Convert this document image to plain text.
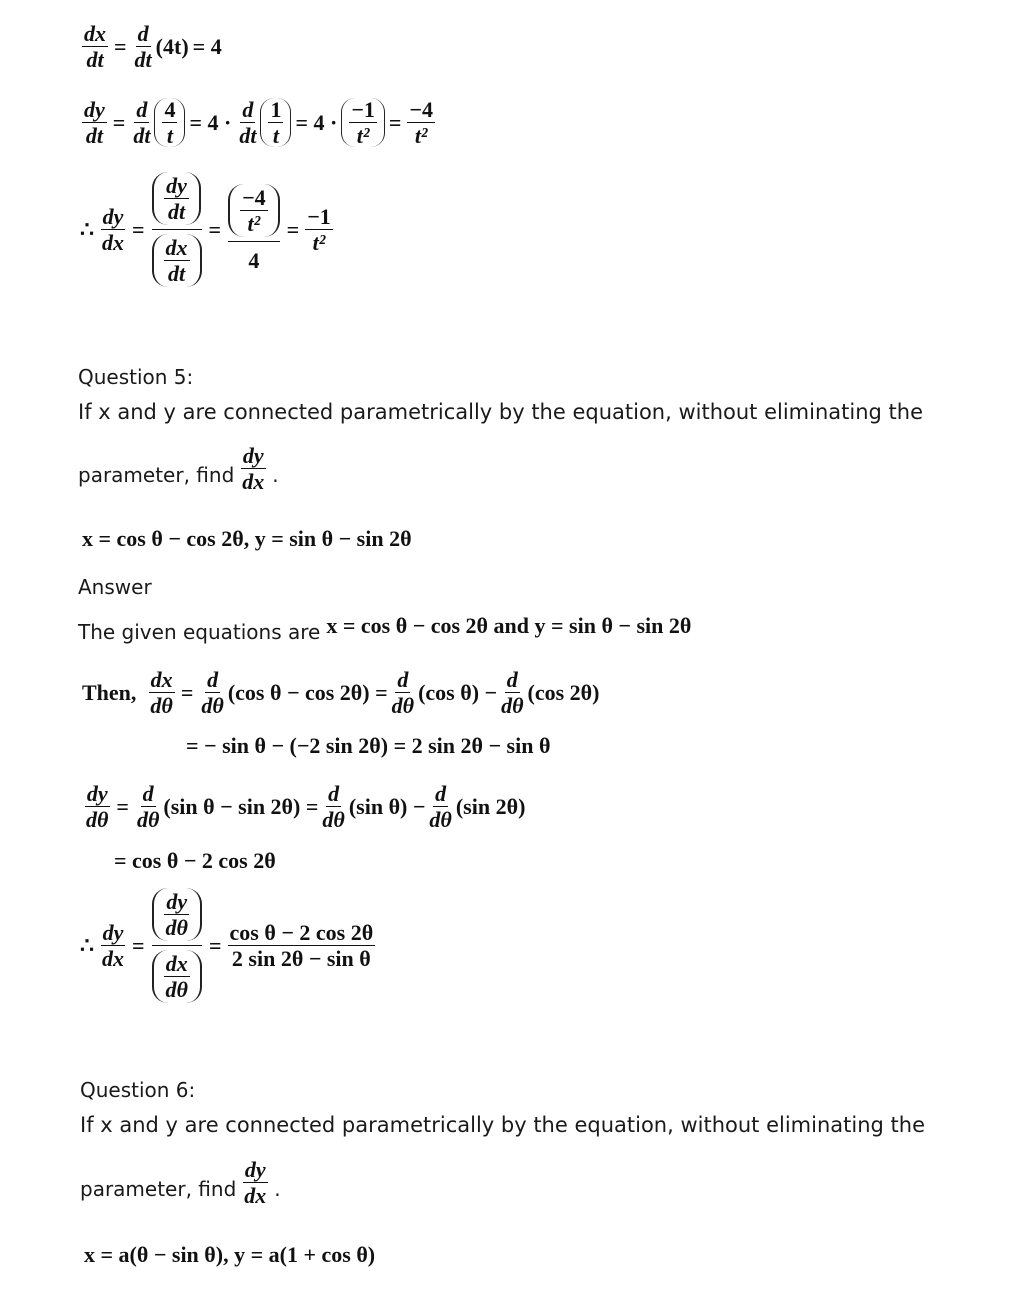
$\frac{dx}{dt} = \frac{d}{dt} (4t) = 4$
$\frac{dy}{dt} = \frac{d}{dt} \frac{4}{t} = 4 \cdot \frac{d}{dt} \frac{1}{t} = 4 \cdot \frac{-1}{\text{t²}} = \frac{-4}{\text{t²}}$
∴ $\frac{dy}{dx}$ =
$\frac{dy}{dt}$
$\frac{dx}{dt}$
= $\frac{-4}{\text{t²}}$
4
= $\frac{-1}{\text{t²}}$
Question 5:
If x and y are connected parametrically by the equation, without eliminating the
parameter, find $\frac{dy}{dx}$ .
x = cos θ − cos 2θ, y = sin θ − sin 2θ
Answer
The given equations are x = cos θ − cos 2θ and y = sin θ − sin 2θ
Then, $\frac{dx}{d\theta} = \frac{d}{d\theta} (\cos$ $\theta - \cos 2\theta) = \frac{d}{d\theta} (\cos$ $\theta) - \frac{d}{d\theta} (\cos$ 2θ)
= − sin θ − (−2 sin 2θ) = 2 sin 2θ − sin θ
$\frac{dy}{d\theta} = \frac{d}{d\theta} (\sin$ $\theta - \sin 2\theta) = \frac{d}{d\theta} (\sin$ $\theta) - \frac{d}{d\theta} (\sin$ 2θ)
= cos θ − 2 cos 2θ
∴ $\frac{dy}{dx}$ =
$\frac{dy}{d\theta}$
$\frac{dx}{d\theta}$
= $\frac{\text{cos θ − 2 cos 2θ}}{\text{2 sin 2θ − sin θ}}$
Question 6:
If x and y are connected parametrically by the equation, without eliminating the
parameter, find $\frac{dy}{dx}$ .
x = a(θ − sin θ), y = a(1 + cos θ)
